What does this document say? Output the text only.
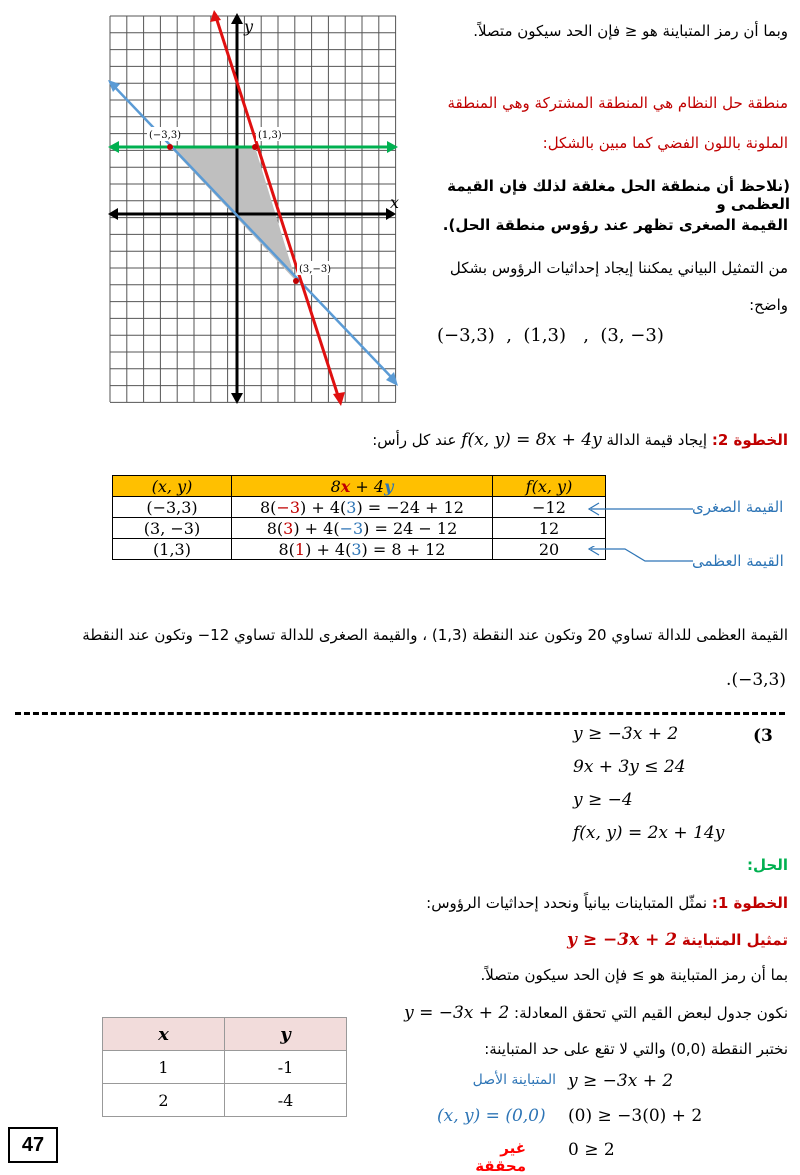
x
y
(−3,3)	(1,3)
(3,−3)
وبما أن رمز المتباينة هو ≤ فإن الحد سيكون متصلاً.
منطقة حل النظام هي المنطقة المشتركة وهي المنطقة
الملونة باللون الفضي كما مبين بالشكل:
(نلاحظ أن منطقة الحل مغلقة لذلك فإن القيمة العظمى و
القيمة الصغرى تظهر عند رؤوس منطقة الحل).
من التمثيل البياني يمكننا إيجاد إحداثيات الرؤوس بشكل
واضح:
(−3,3)  ,  (1,3)   ,  (3, −3)
الخطوة 2: إيجاد قيمة الدالة f(x, y) = 8x + 4y عند كل رأس:
(x, y)	8x + 4y	f(x, y)
(−3,3)	8(−3) + 4(3) = −24 + 12	−12
(3, −3)	8(3) + 4(−3) = 24 − 12	12
(1,3)	8(1) + 4(3) = 8 + 12	20
القيمة الصغرى
القيمة العظمى
القيمة العظمى للدالة تساوي 20 وتكون عند النقطة (1,3) ، والقيمة الصغرى للدالة تساوي 12− وتكون عند النقطة
.(−3,3)
(3
y ≥ −3x + 2
9x + 3y ≤ 24
y ≥ −4
f(x, y) = 2x + 14y
الحل:
الخطوة 1: نمثّل المتباينات بيانياً ونحدد إحداثيات الرؤوس:
تمثيل المتباينة y ≥ −3x + 2
بما أن رمز المتباينة هو ≥ فإن الحد سيكون متصلاً.
نكون جدول لبعض القيم التي تحقق المعادلة: y = −3x + 2
نختبر النقطة (0,0) والتي لا تقع على حد المتباينة:
المتباينة الأصل y ≥ −3x + 2
(x, y) = (0,0) (0) ≥ −3(0) + 2
غير محققة
0 ≥ 2
x	y
1	-1
2	-4
47
